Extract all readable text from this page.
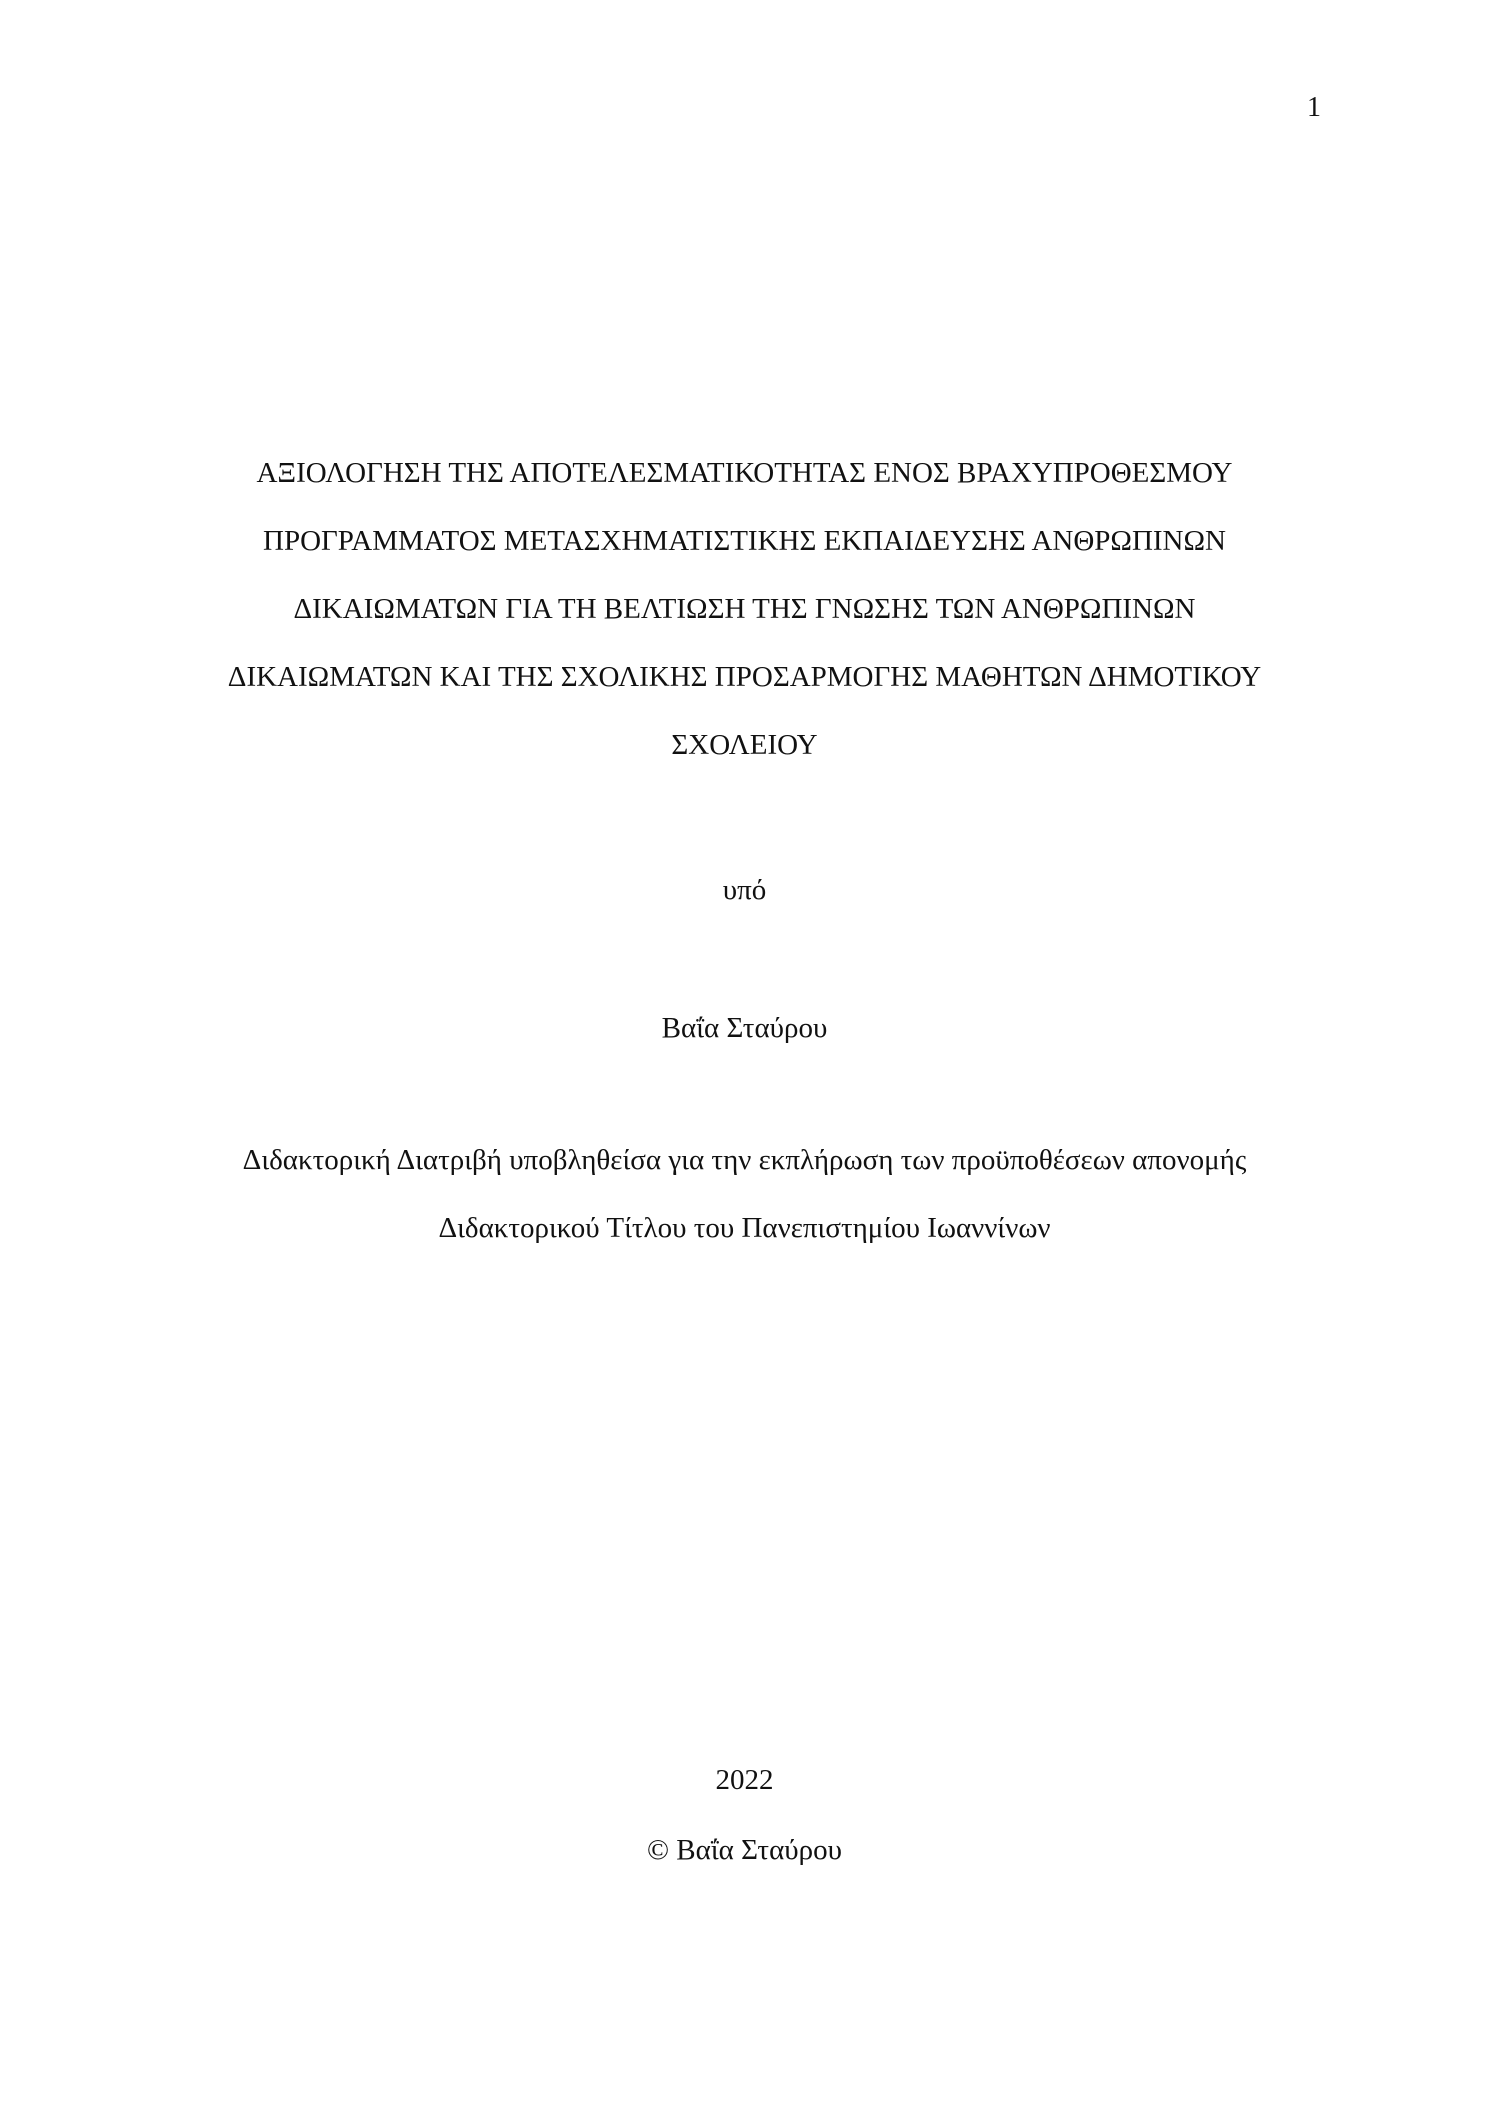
1
ΑΞΙΟΛΟΓΗΣΗ ΤΗΣ ΑΠΟΤΕΛΕΣΜΑΤΙΚΟΤΗΤΑΣ ΕΝΟΣ ΒΡΑΧΥΠΡΟΘΕΣΜΟΥ
ΠΡΟΓΡΑΜΜΑΤΟΣ ΜΕΤΑΣΧΗΜΑΤΙΣΤΙΚΗΣ ΕΚΠΑΙΔΕΥΣΗΣ ΑΝΘΡΩΠΙΝΩΝ
ΔΙΚΑΙΩΜΑΤΩΝ ΓΙΑ ΤΗ ΒΕΛΤΙΩΣΗ ΤΗΣ ΓΝΩΣΗΣ ΤΩΝ ΑΝΘΡΩΠΙΝΩΝ
ΔΙΚΑΙΩΜΑΤΩΝ ΚΑΙ ΤΗΣ ΣΧΟΛΙΚΗΣ ΠΡΟΣΑΡΜΟΓΗΣ ΜΑΘΗΤΩΝ ΔΗΜΟΤΙΚΟΥ
ΣΧΟΛΕΙΟΥ
υπό
Βαΐα Σταύρου
Διδακτορική Διατριβή υποβληθείσα για την εκπλήρωση των προϋποθέσεων απονομής
Διδακτορικού Τίτλου του Πανεπιστημίου Ιωαννίνων
2022
© Βαΐα Σταύρου
